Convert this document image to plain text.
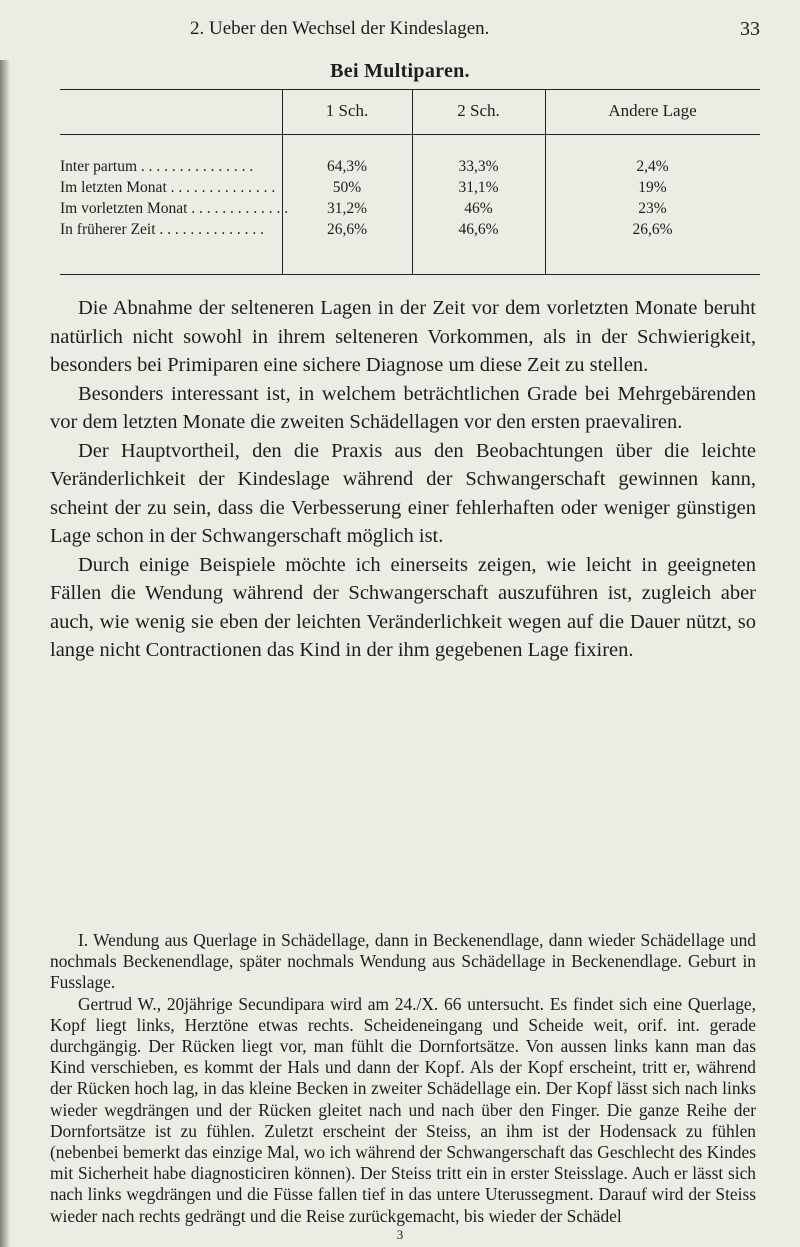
2. Ueber den Wechsel der Kindeslagen.	33
Bei Multiparen.
1 Sch.	2 Sch.	Andere Lage
Inter partum . . . . . . . . . . . . . . .	64,3%	33,3%	2,4%
Im letzten Monat . . . . . . . . . . . . . .	50%	31,1%	19%
Im vorletzten Monat . . . . . . . . . . . . .	31,2%	46%	23%
In früherer Zeit . . . . . . . . . . . . . .	26,6%	46,6%	26,6%

Die Abnahme der selteneren Lagen in der Zeit vor dem vorletzten Monate beruht natürlich nicht sowohl in ihrem selteneren Vorkommen, als in der Schwierigkeit, besonders bei Primiparen eine sichere Diagnose um diese Zeit zu stellen.

Besonders interessant ist, in welchem beträchtlichen Grade bei Mehrgebärenden vor dem letzten Monate die zweiten Schädellagen vor den ersten praevaliren.

Der Hauptvortheil, den die Praxis aus den Beobachtungen über die leichte Veränderlichkeit der Kindeslage während der Schwangerschaft gewinnen kann, scheint der zu sein, dass die Verbesserung einer fehlerhaften oder weniger günstigen Lage schon in der Schwangerschaft möglich ist.

Durch einige Beispiele möchte ich einerseits zeigen, wie leicht in geeigneten Fällen die Wendung während der Schwangerschaft auszuführen ist, zugleich aber auch, wie wenig sie eben der leichten Veränderlichkeit wegen auf die Dauer nützt, so lange nicht Contractionen das Kind in der ihm gegebenen Lage fixiren.

I. Wendung aus Querlage in Schädellage, dann in Beckenendlage, dann wieder Schädellage und nochmals Beckenendlage, später nochmals Wendung aus Schädellage in Beckenendlage. Geburt in Fusslage.

Gertrud W., 20jährige Secundipara wird am 24./X. 66 untersucht. Es findet sich eine Querlage, Kopf liegt links, Herztöne etwas rechts. Scheideneingang und Scheide weit, orif. int. gerade durchgängig. Der Rücken liegt vor, man fühlt die Dornfortsätze. Von aussen links kann man das Kind verschieben, es kommt der Hals und dann der Kopf. Als der Kopf erscheint, tritt er, während der Rücken hoch lag, in das kleine Becken in zweiter Schädellage ein. Der Kopf lässt sich nach links wieder wegdrängen und der Rücken gleitet nach und nach über den Finger. Die ganze Reihe der Dornfortsätze ist zu fühlen. Zuletzt erscheint der Steiss, an ihm ist der Hodensack zu fühlen (nebenbei bemerkt das einzige Mal, wo ich während der Schwangerschaft das Geschlecht des Kindes mit Sicherheit habe diagnosticiren können). Der Steiss tritt ein in erster Steisslage. Auch er lässt sich nach links wegdrängen und die Füsse fallen tief in das untere Uterussegment. Darauf wird der Steiss wieder nach rechts gedrängt und die Reise zurückgemacht, bis wieder der Schädel

3
